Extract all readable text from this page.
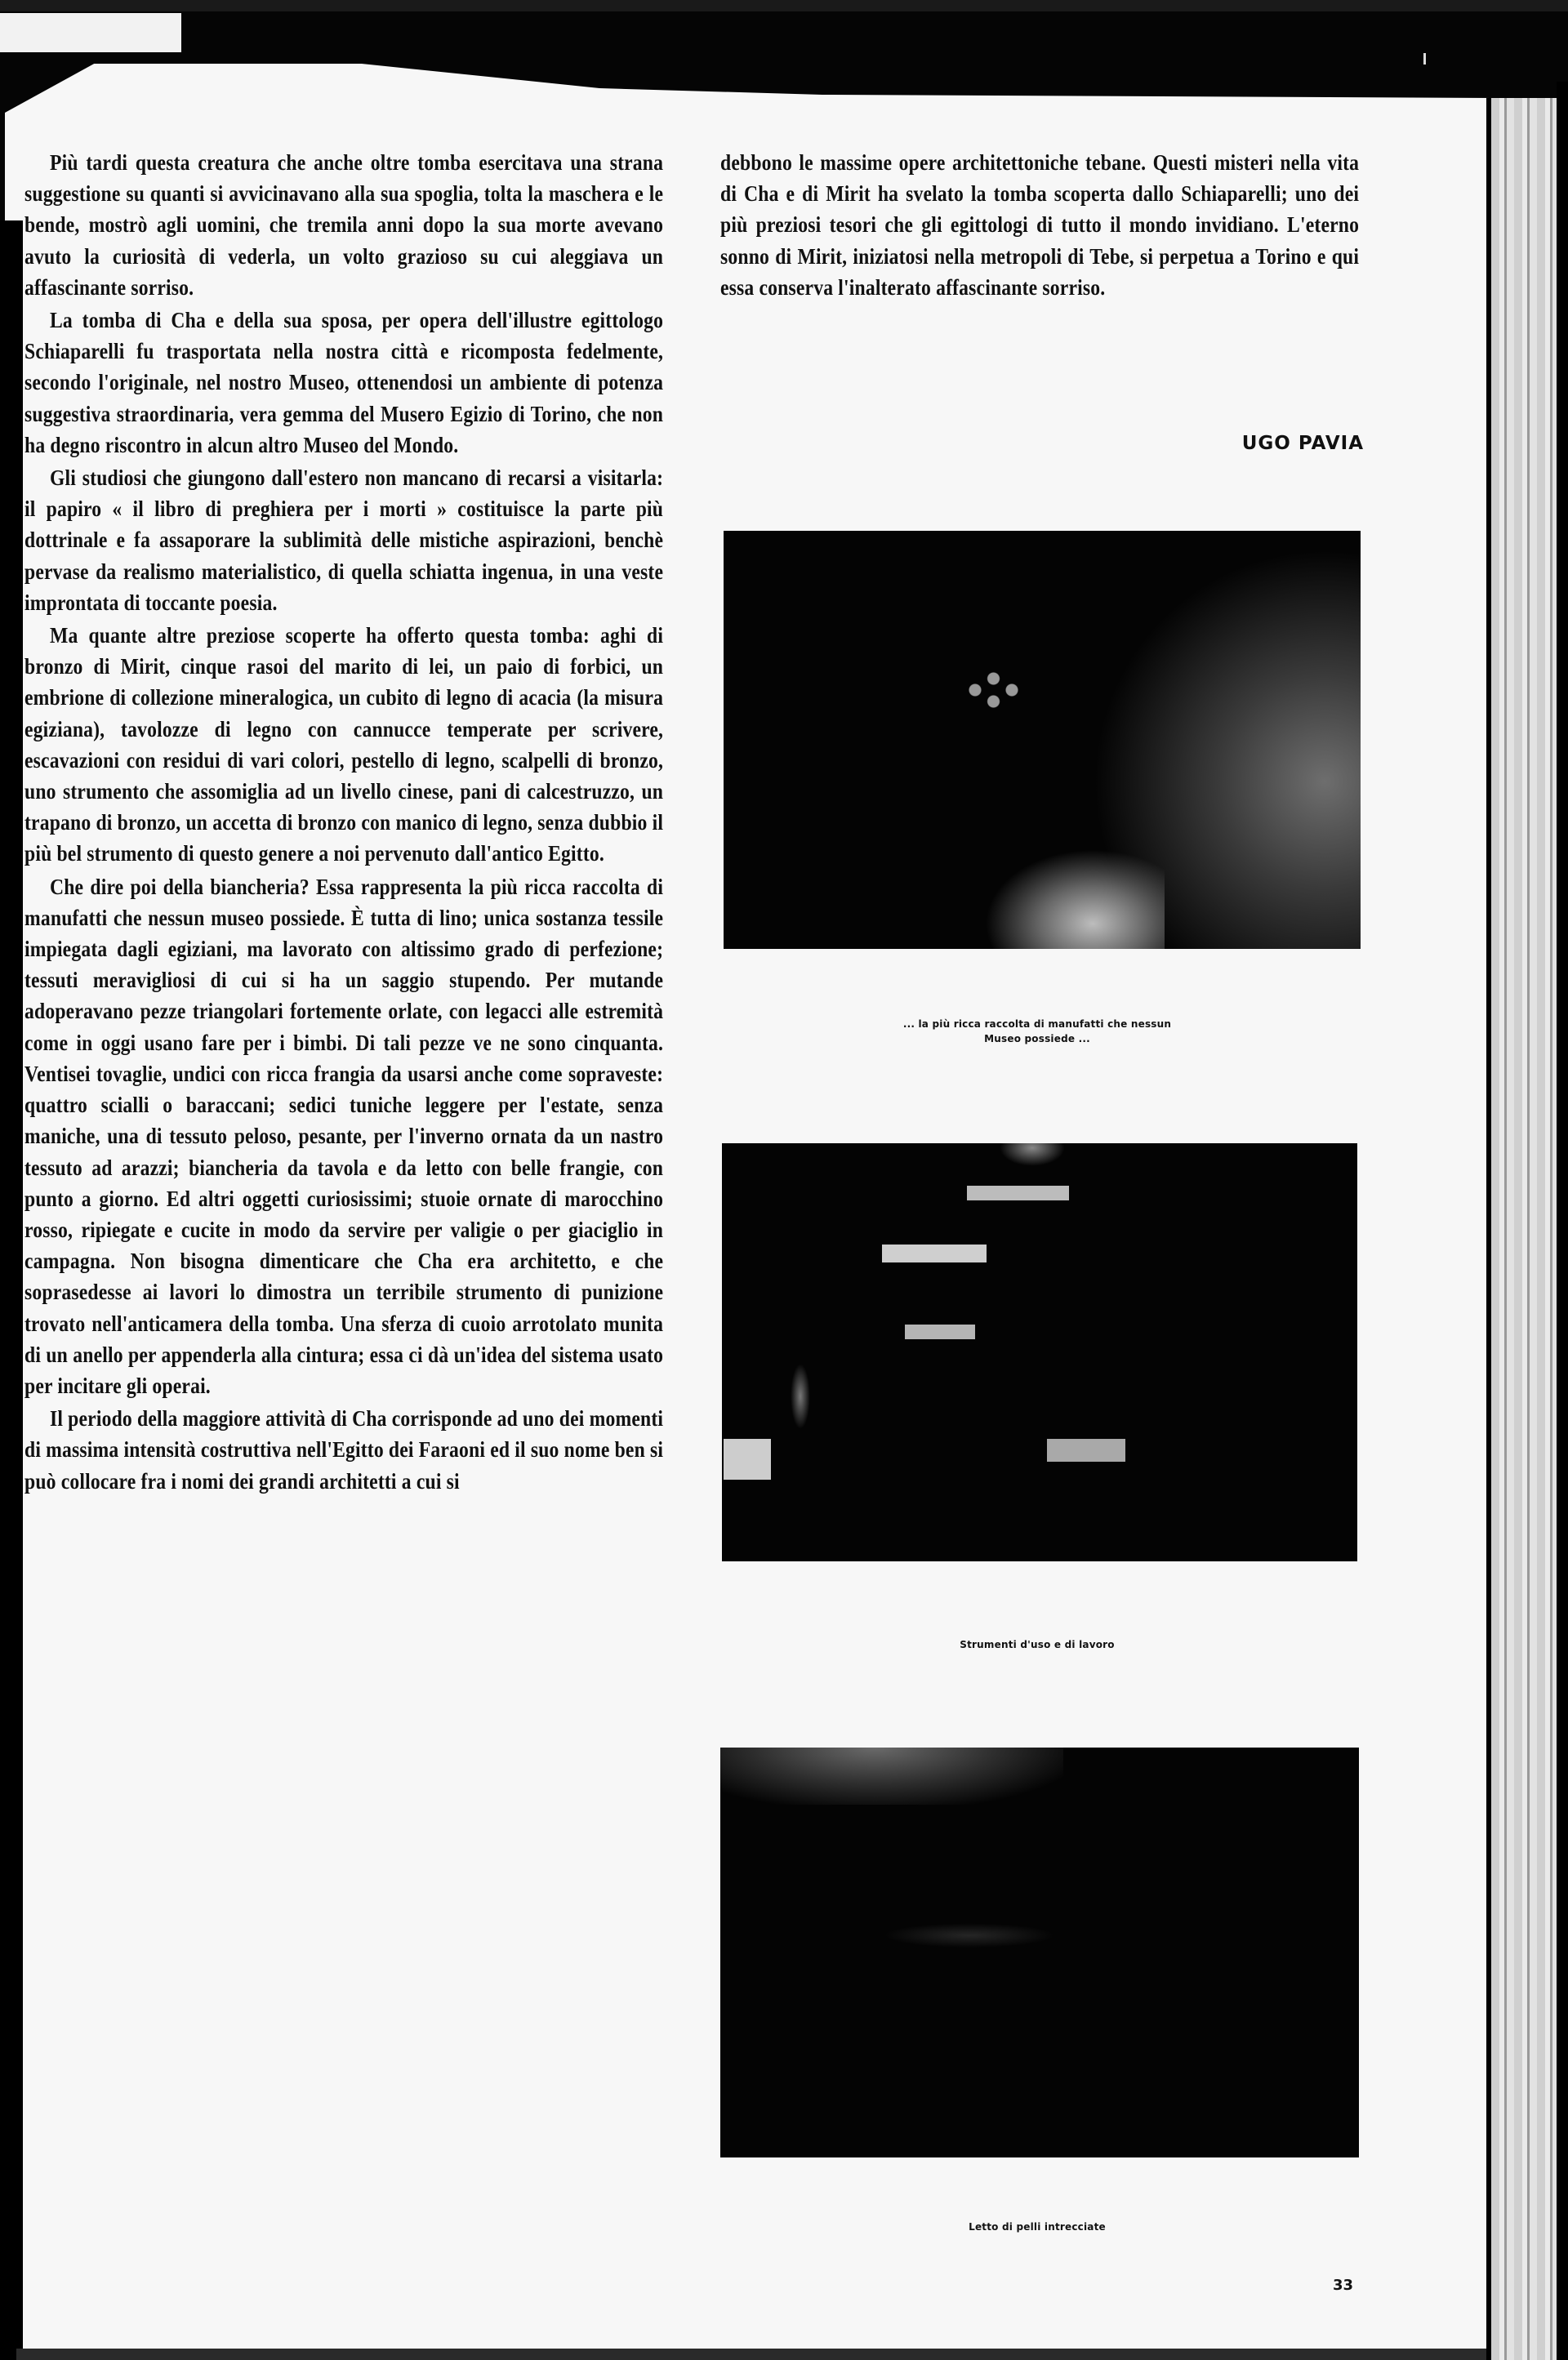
Più tardi questa creatura che anche oltre tomba esercitava una strana suggestione su quanti si avvicinavano alla sua spoglia, tolta la maschera e le bende, mostrò agli uomini, che tremila anni dopo la sua morte avevano avuto la curiosità di vederla, un volto grazioso su cui aleggiava un affascinante sorriso.

La tomba di Cha e della sua sposa, per opera dell'illustre egittologo Schiaparelli fu trasportata nella nostra città e ricomposta fedelmente, secondo l'originale, nel nostro Museo, ottenendosi un ambiente di potenza suggestiva straordinaria, vera gemma del Musero Egizio di Torino, che non ha degno riscontro in alcun altro Museo del Mondo.

Gli studiosi che giungono dall'estero non mancano di recarsi a visitarla: il papiro « il libro di preghiera per i morti » costituisce la parte più dottrinale e fa assaporare la sublimità delle mistiche aspirazioni, benchè pervase da realismo materialistico, di quella schiatta ingenua, in una veste improntata di toccante poesia.

Ma quante altre preziose scoperte ha offerto questa tomba: aghi di bronzo di Mirit, cinque rasoi del marito di lei, un paio di forbici, un embrione di collezione mineralogica, un cubito di legno di acacia (la misura egiziana), tavolozze di legno con cannucce temperate per scrivere, escavazioni con residui di vari colori, pestello di legno, scalpelli di bronzo, uno strumento che assomiglia ad un livello cinese, pani di calcestruzzo, un trapano di bronzo, un accetta di bronzo con manico di legno, senza dubbio il più bel strumento di questo genere a noi pervenuto dall'antico Egitto.

Che dire poi della biancheria? Essa rappresenta la più ricca raccolta di manufatti che nessun museo possiede. È tutta di lino; unica sostanza tessile impiegata dagli egiziani, ma lavorato con altissimo grado di perfezione; tessuti meravigliosi di cui si ha un saggio stupendo. Per mutande adoperavano pezze triangolari fortemente orlate, con legacci alle estremità come in oggi usano fare per i bimbi. Di tali pezze ve ne sono cinquanta. Ventisei tovaglie, undici con ricca frangia da usarsi anche come sopraveste: quattro scialli o baraccani; sedici tuniche leggere per l'estate, senza maniche, una di tessuto peloso, pesante, per l'inverno ornata da un nastro tessuto ad arazzi; biancheria da tavola e da letto con belle frangie, con punto a giorno. Ed altri oggetti curiosissimi; stuoie ornate di marocchino rosso, ripiegate e cucite in modo da servire per valigie o per giaciglio in campagna. Non bisogna dimenticare che Cha era architetto, e che soprasedesse ai lavori lo dimostra un terribile strumento di punizione trovato nell'anticamera della tomba. Una sferza di cuoio arrotolato munita di un anello per appenderla alla cintura; essa ci dà un'idea del sistema usato per incitare gli operai.

Il periodo della maggiore attività di Cha corrisponde ad uno dei momenti di massima intensità costruttiva nell'Egitto dei Faraoni ed il suo nome ben si può collocare fra i nomi dei grandi architetti a cui si

debbono le massime opere architettoniche tebane. Questi misteri nella vita di Cha e di Mirit ha svelato la tomba scoperta dallo Schiaparelli; uno dei più preziosi tesori che gli egittologi di tutto il mondo invidiano. L'eterno sonno di Mirit, iniziatosi nella metropoli di Tebe, si perpetua a Torino e qui essa conserva l'inalterato affascinante sorriso.

UGO PAVIA
... la più ricca raccolta di manufatti che nessun
Museo possiede ...
Strumenti d'uso e di lavoro
Letto di pelli intrecciate
33
